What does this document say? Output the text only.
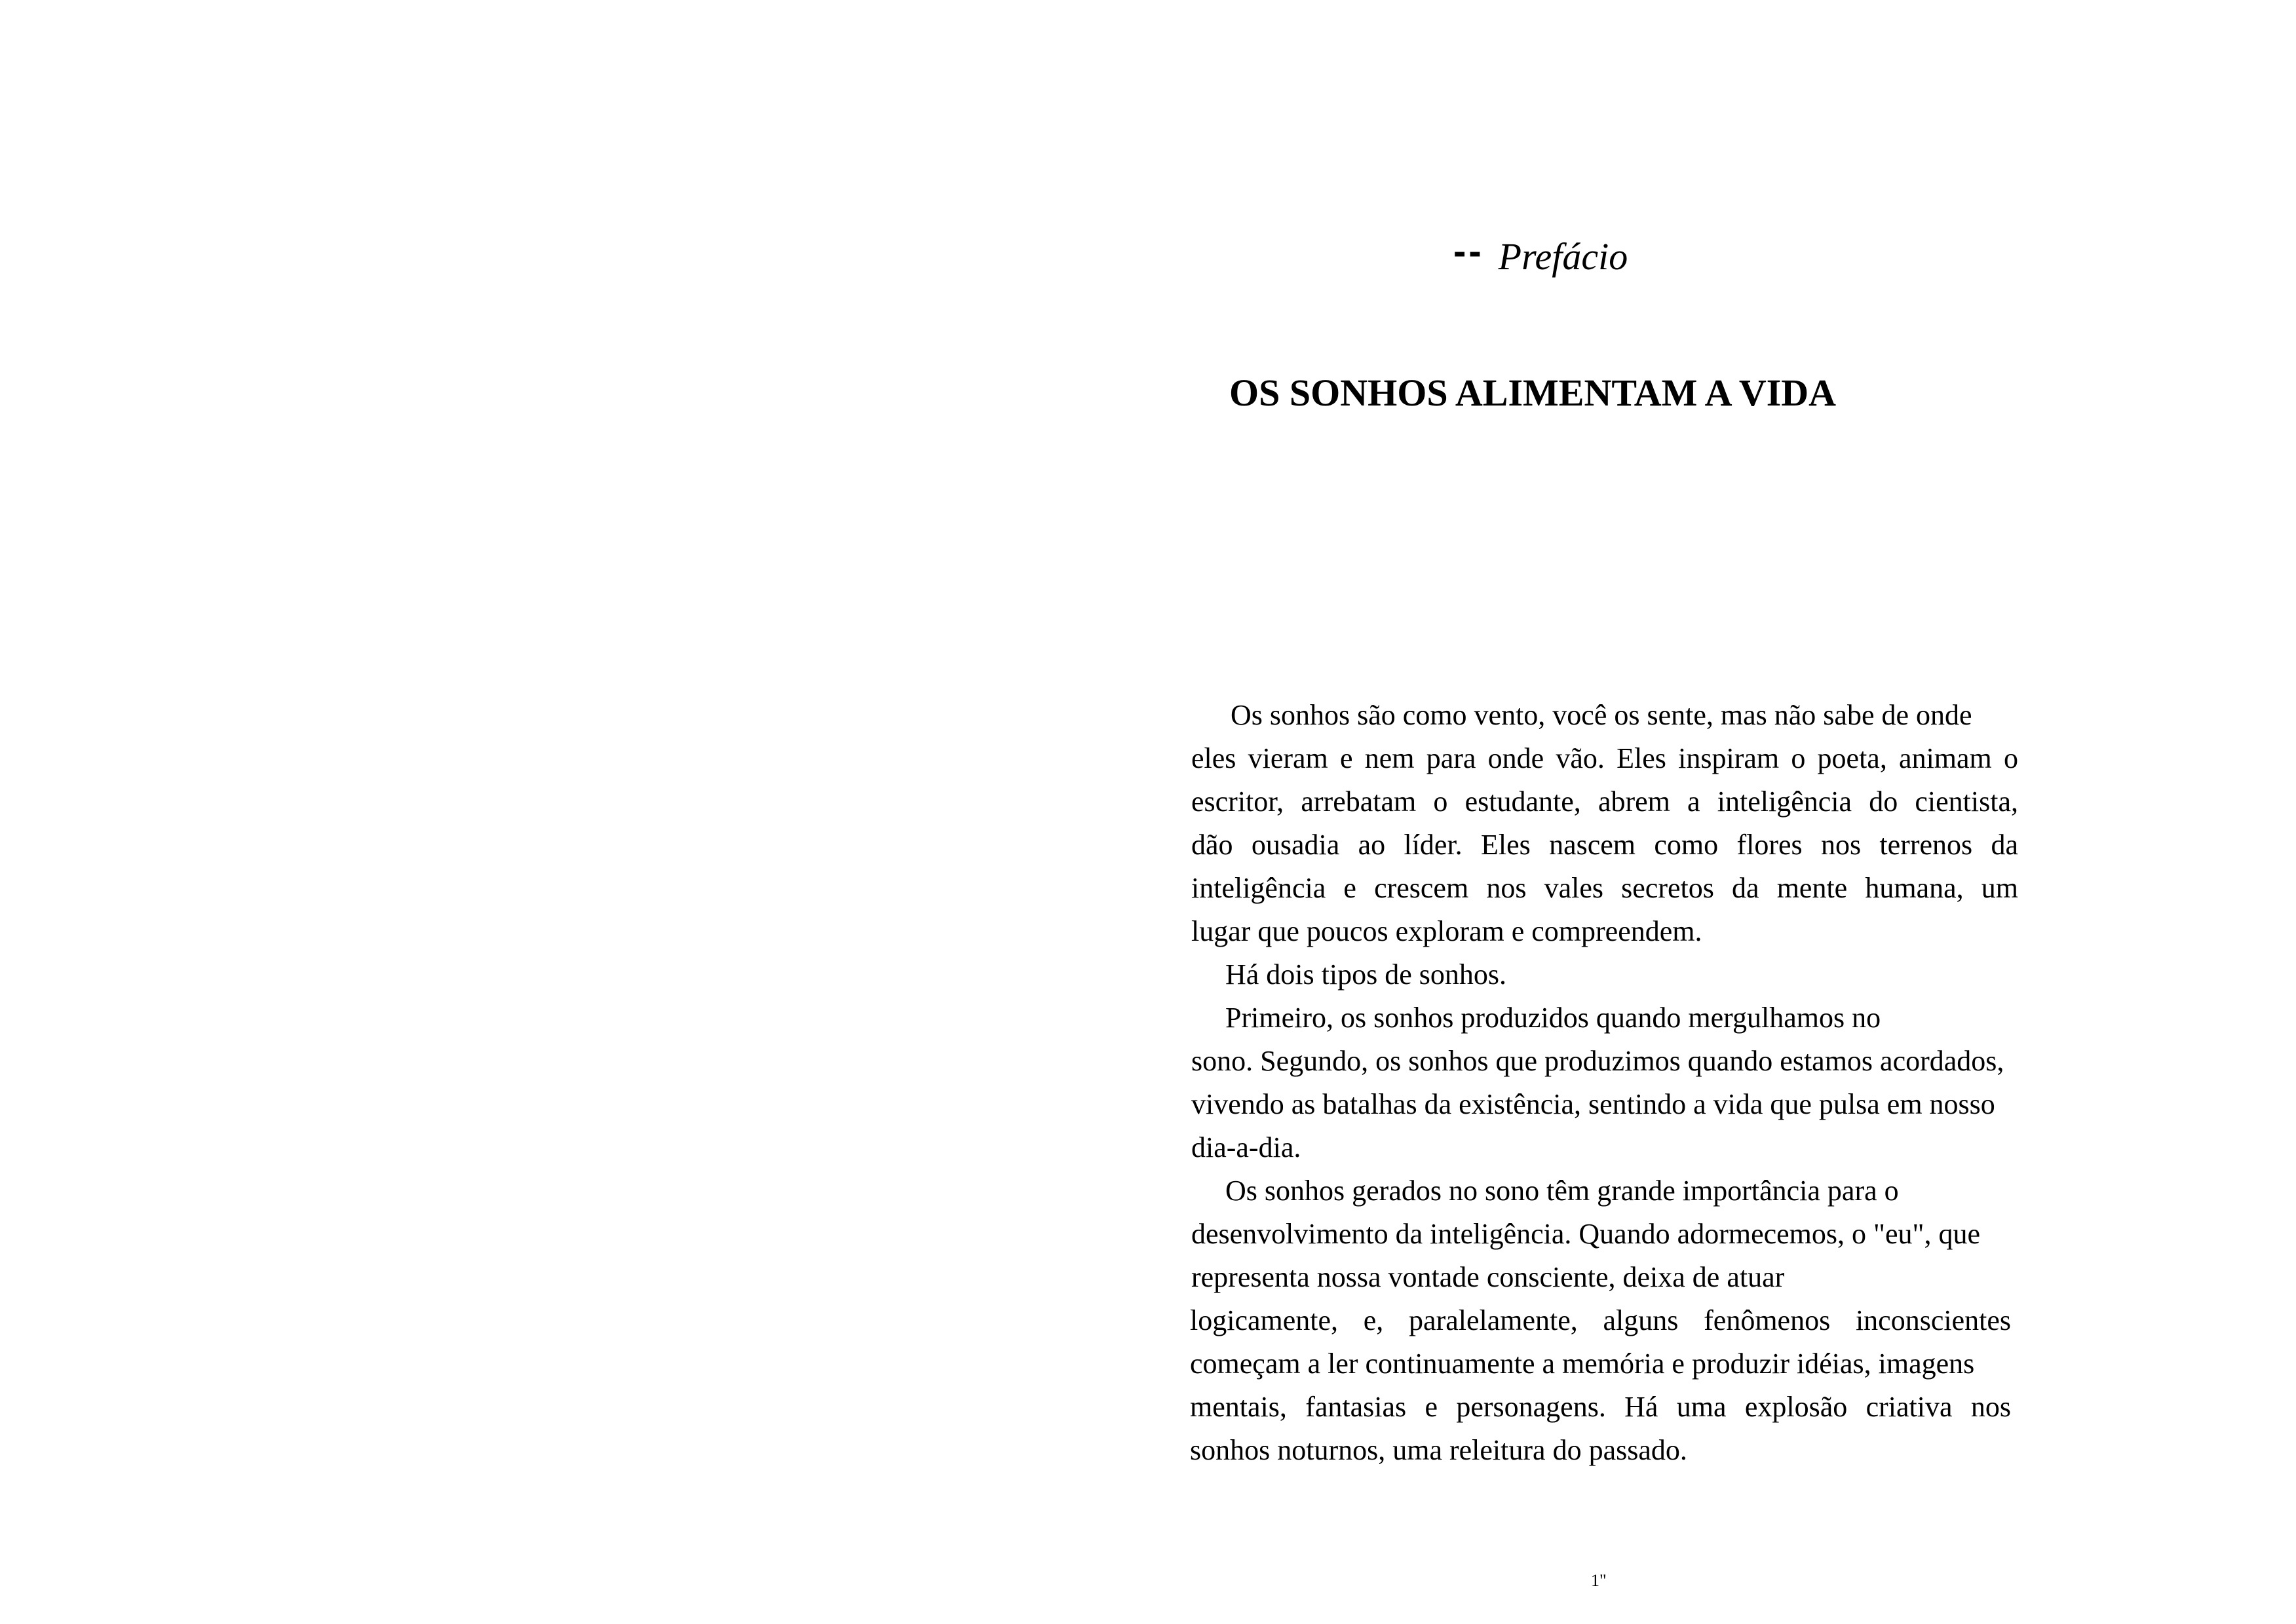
-- Prefácio
OS SONHOS ALIMENTAM A VIDA
Os sonhos são como vento, você os sente, mas não sabe de onde
eles vieram e nem para onde vão. Eles inspiram o poeta, animam o
escritor, arrebatam o estudante, abrem a inteligência do cientista,
dão ousadia ao líder. Eles nascem como flores nos terrenos da
inteligência e crescem nos vales secretos da mente humana, um
lugar que poucos exploram e compreendem.
Há dois tipos de sonhos.
Primeiro, os sonhos produzidos quando mergulhamos no
sono. Segundo, os sonhos que produzimos quando estamos acordados,
vivendo as batalhas da existência, sentindo a vida que pulsa em nosso
dia-a-dia.
Os sonhos gerados no sono têm grande importância para o
desenvolvimento da inteligência. Quando adormecemos, o "eu", que
representa nossa vontade consciente, deixa de atuar
logicamente, e, paralelamente, alguns fenômenos inconscientes
começam a ler continuamente a memória e produzir idéias, imagens
mentais, fantasias e personagens. Há uma explosão criativa nos
sonhos noturnos, uma releitura do passado.
1"
